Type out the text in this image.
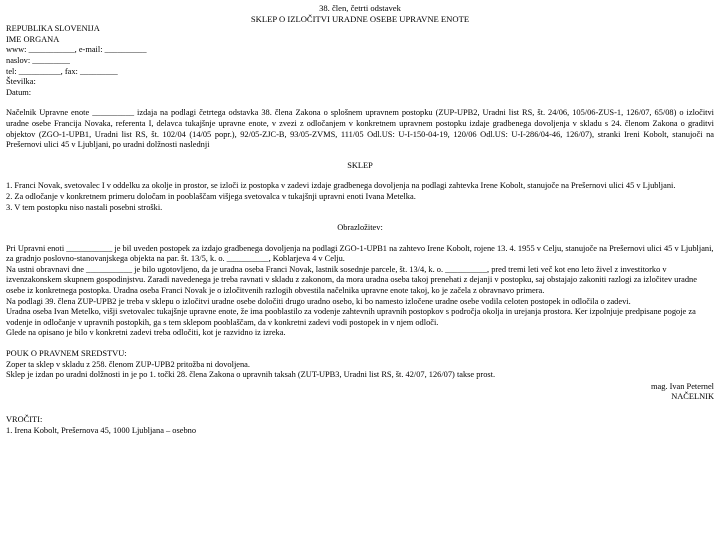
38. člen, četrti odstavek

SKLEP O IZLOČITVI URADNE OSEBE UPRAVNE ENOTE

REPUBLIKA SLOVENIJA

IME ORGANA

www: ___________, e-mail: __________

naslov: _________

tel: __________, fax: _________

Številka:

Datum:

Načelnik Upravne enote __________ izdaja na podlagi četrtega odstavka 38. člena Zakona o splošnem upravnem postopku (ZUP-UPB2, Uradni list RS, št. 24/06, 105/06-ZUS-1, 126/07, 65/08) o izločitvi uradne osebe Francija Novaka, referenta I, delavca tukajšnje upravne enote, v zvezi z odločanjem v konkretnem upravnem postopku izdaje gradbenega dovoljenja v skladu s 24. členom Zakona o graditvi objektov (ZGO-1-UPB1, Uradni list RS, št. 102/04 (14/05 popr.), 92/05-ZJC-B, 93/05-ZVMS, 111/05 Odl.US: U-I-150-04-19, 120/06 Odl.US: U-I-286/04-46, 126/07), stranki Ireni Kobolt, stanujoči na Prešernovi ulici 45 v Ljubljani, po uradni dolžnosti naslednji

SKLEP

1. Franci Novak, svetovalec I v oddelku za okolje in prostor, se izloči iz postopka v zadevi izdaje gradbenega dovoljenja na podlagi zahtevka Irene Kobolt, stanujoče na Prešernovi ulici 45 v Ljubljani.

2. Za odločanje v konkretnem primeru določam in pooblaščam višjega svetovalca v tukajšnji upravni enoti Ivana Metelka.

3. V tem postopku niso nastali posebni stroški.

Obrazložitev:

Pri Upravni enoti ___________ je bil uveden postopek za izdajo gradbenega dovoljenja na podlagi ZGO-1-UPB1 na zahtevo Irene Kobolt, rojene 13. 4. 1955 v Celju, stanujoče na Prešernovi ulici 45 v Ljubljani, za gradnjo poslovno-stanovanjskega objekta na par. št. 13/5, k. o. __________, Koblarjeva 4 v Celju.

Na ustni obravnavi dne ___________ je bilo ugotovljeno, da je uradna oseba Franci Novak, lastnik sosednje parcele, št. 13/4, k. o. __________, pred tremi leti več kot eno leto živel z investitorko v izvenzakonskem skupnem gospodinjstvu. Zaradi navedenega je treba ravnati v skladu z zakonom, da mora uradna oseba takoj prenehati z dejanji v postopku, saj obstajajo zakoniti razlogi za izločitev uradne osebe iz konkretnega postopka. Uradna oseba Franci Novak je o izločitvenih razlogih obvestila načelnika upravne enote takoj, ko je začela z obravnavo primera.

Na podlagi 39. člena ZUP-UPB2 je treba v sklepu o izločitvi uradne osebe določiti drugo uradno osebo, ki bo namesto izločene uradne osebe vodila celoten postopek in odločila o zadevi.

Uradna oseba Ivan Metelko, višji svetovalec tukajšnje upravne enote, že ima pooblastilo za vodenje zahtevnih upravnih postopkov s področja okolja in urejanja prostora. Ker izpolnjuje predpisane pogoje za vodenje in odločanje v upravnih postopkih, ga s tem sklepom pooblaščam, da v konkretni zadevi vodi postopek in v njem odloči.

Glede na opisano je bilo v konkretni zadevi treba odločiti, kot je razvidno iz izreka.

POUK O PRAVNEM SREDSTVU:

Zoper ta sklep v skladu z 258. členom ZUP-UPB2 pritožba ni dovoljena.

Sklep je izdan po uradni dolžnosti in je po 1. točki 28. člena Zakona o upravnih taksah (ZUT-UPB3, Uradni list RS, št. 42/07, 126/07) takse prost.

mag. Ivan Peternel

NAČELNIK

VROČITI:

1. Irena Kobolt, Prešernova 45, 1000 Ljubljana – osebno
